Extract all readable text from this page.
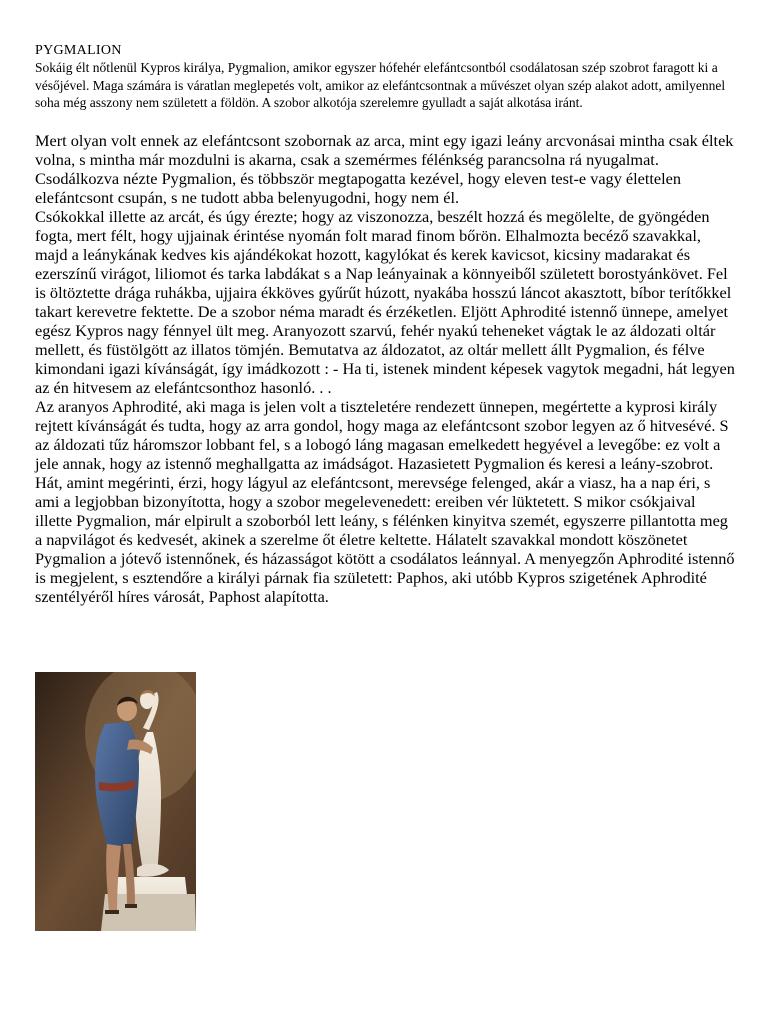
PYGMALION
Sokáig élt nőtlenül Kypros királya, Pygmalion, amikor egyszer hófehér elefántcsontból csodálatosan szép szobrot faragott ki a vésőjével. Maga számára is váratlan meglepetés volt, amikor az elefántcsontnak a művészet olyan szép alakot adott, amilyennel soha még asszony nem született a földön. A szobor alkotója szerelemre gyulladt a saját alkotása iránt.

Mert olyan volt ennek az elefántcsont szobornak az arca, mint egy igazi leány arcvonásai mintha csak éltek volna, s mintha már mozdulni is akarna, csak a szemérmes félénkség parancsolna rá nyugalmat. Csodálkozva nézte Pygmalion, és többször megtapogatta kezével, hogy eleven test-e vagy élettelen elefántcsont csupán, s ne tudott abba belenyugodni, hogy nem él.

Csókokkal illette az arcát, és úgy érezte; hogy az viszonozza, beszélt hozzá és megölelte, de gyöngéden fogta, mert félt, hogy ujjainak érintése nyomán folt marad finom bőrön. Elhalmozta becéző szavakkal, majd a leánykának kedves kis ajándékokat hozott, kagylókat és kerek kavicsot, kicsiny madarakat és ezerszínű virágot, liliomot és tarka labdákat s a Nap leányainak a könnyeiből született borostyánkövet. Fel is öltöztette drága ruhákba, ujjaira ékköves gyűrűt húzott, nyakába hosszú láncot akasztott, bíbor terítőkkel takart kerevetre fektette. De a szobor néma maradt és érzéketlen. Eljött Aphrodité istennő ünnepe, amelyet egész Kypros nagy fénnyel ült meg. Aranyozott szarvú, fehér nyakú teheneket vágtak le az áldozati oltár mellett, és füstölgött az illatos tömjén. Bemutatva az áldozatot, az oltár mellett állt Pygmalion, és félve kimondani igazi kívánságát, így imádkozott : - Ha ti, istenek mindent képesek vagytok megadni, hát legyen az én hitvesem az elefántcsonthoz hasonló. . .

Az aranyos Aphrodité, aki maga is jelen volt a tiszteletére rendezett ünnepen, megértette a kyprosi király rejtett kívánságát és tudta, hogy az arra gondol, hogy maga az elefántcsont szobor legyen az ő hitvesévé. S az áldozati tűz háromszor lobbant fel, s a lobogó láng magasan emelkedett hegyével a levegőbe: ez volt a jele annak, hogy az istennő meghallgatta az imádságot. Hazasietett Pygmalion és keresi a leány-szobrot. Hát, amint megérinti, érzi, hogy lágyul az elefántcsont, merevsége felenged, akár a viasz, ha a nap éri, s ami a legjobban bizonyította, hogy a szobor megelevenedett: ereiben vér lüktetett. S mikor csókjaival illette Pygmalion, már elpirult a szoborból lett leány, s félénken kinyitva szemét, egyszerre pillantotta meg a napvilágot és kedvesét, akinek a szerelme őt életre keltette. Hálatelt szavakkal mondott köszönetet Pygmalion a jótevő istennőnek, és házasságot kötött a csodálatos leánnyal. A menyegzőn Aphrodité istennő is megjelent, s esztendőre a királyi párnak fia született: Paphos, aki utóbb Kypros szigetének Aphrodité szentélyéről híres városát, Paphost alapította.
